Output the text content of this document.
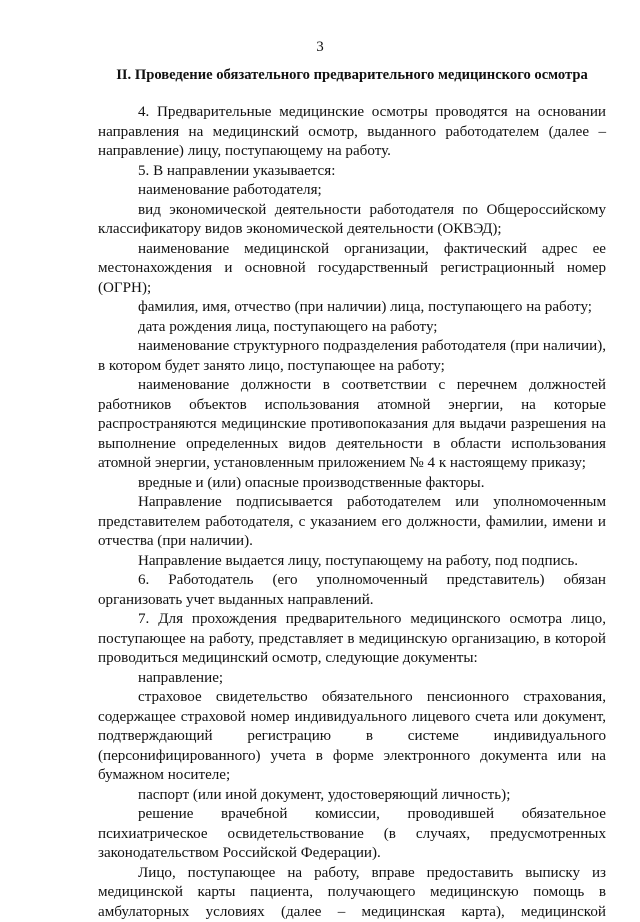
3
II. Проведение обязательного предварительного медицинского осмотра

4. Предварительные медицинские осмотры проводятся на основании направления на медицинский осмотр, выданного работодателем (далее – направление) лицу, поступающему на работу.

5. В направлении указывается:

наименование работодателя;

вид экономической деятельности работодателя по Общероссийскому классификатору видов экономической деятельности (ОКВЭД);

наименование медицинской организации, фактический адрес ее местонахождения и основной государственный регистрационный номер (ОГРН);

фамилия, имя, отчество (при наличии) лица, поступающего на работу;

дата рождения лица, поступающего на работу;

наименование структурного подразделения работодателя (при наличии), в котором будет занято лицо, поступающее на работу;

наименование должности в соответствии с перечнем должностей работников объектов использования атомной энергии, на которые распространяются медицинские противопоказания для выдачи разрешения на выполнение определенных видов деятельности в области использования атомной энергии, установленным приложением № 4 к настоящему приказу;

вредные и (или) опасные производственные факторы.

Направление подписывается работодателем или уполномоченным представителем работодателя, с указанием его должности, фамилии, имени и отчества (при наличии).

Направление выдается лицу, поступающему на работу, под подпись.

6. Работодатель (его уполномоченный представитель) обязан организовать учет выданных направлений.

7. Для прохождения предварительного медицинского осмотра лицо, поступающее на работу, представляет в медицинскую организацию, в которой проводиться медицинский осмотр, следующие документы:

направление;

страховое свидетельство обязательного пенсионного страхования, содержащее страховой номер индивидуального лицевого счета или документ, подтверждающий регистрацию в системе индивидуального (персонифицированного) учета в форме электронного документа или на бумажном носителе;

паспорт (или иной документ, удостоверяющий личность);

решение врачебной комиссии, проводившей обязательное психиатрическое освидетельствование (в случаях, предусмотренных законодательством Российской Федерации).

Лицо, поступающее на работу, вправе предоставить выписку из медицинской карты пациента, получающего медицинскую помощь в амбулаторных условиях (далее – медицинская карта), медицинской
